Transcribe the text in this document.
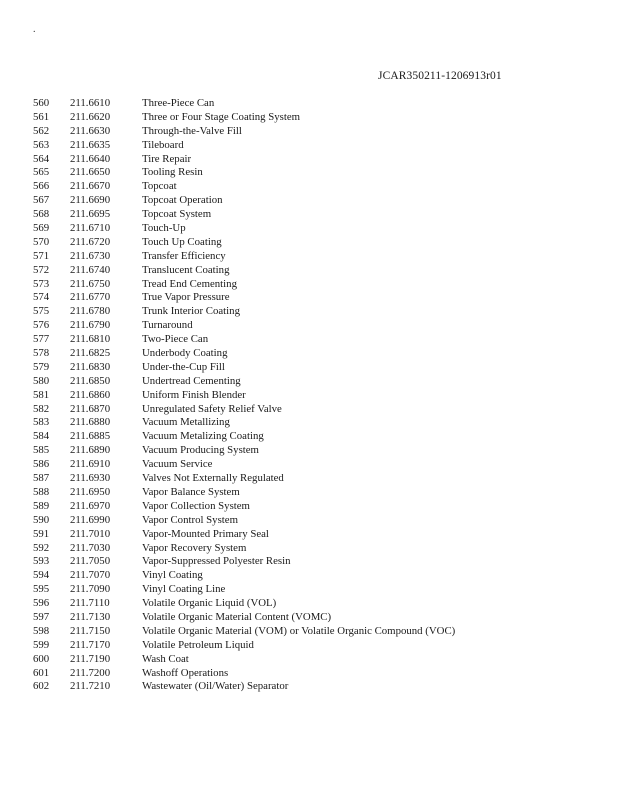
.
JCAR350211-1206913r01
560 211.6610	Three-Piece Can
561 211.6620	Three or Four Stage Coating System
562 211.6630	Through-the-Valve Fill
563 211.6635	Tileboard
564 211.6640	Tire Repair
565 211.6650	Tooling Resin
566 211.6670	Topcoat
567 211.6690	Topcoat Operation
568 211.6695	Topcoat System
569 211.6710	Touch-Up
570 211.6720	Touch Up Coating
571 211.6730	Transfer Efficiency
572 211.6740	Translucent Coating
573 211.6750	Tread End Cementing
574 211.6770	True Vapor Pressure
575 211.6780	Trunk Interior Coating
576 211.6790	Turnaround
577 211.6810	Two-Piece Can
578 211.6825	Underbody Coating
579 211.6830	Under-the-Cup Fill
580 211.6850	Undertread Cementing
581 211.6860	Uniform Finish Blender
582 211.6870	Unregulated Safety Relief Valve
583 211.6880	Vacuum Metallizing
584 211.6885	Vacuum Metalizing Coating
585 211.6890	Vacuum Producing System
586 211.6910	Vacuum Service
587 211.6930	Valves Not Externally Regulated
588 211.6950	Vapor Balance System
589 211.6970	Vapor Collection System
590 211.6990	Vapor Control System
591 211.7010	Vapor-Mounted Primary Seal
592 211.7030	Vapor Recovery System
593 211.7050	Vapor-Suppressed Polyester Resin
594 211.7070	Vinyl Coating
595 211.7090	Vinyl Coating Line
596 211.7110	Volatile Organic Liquid (VOL)
597 211.7130	Volatile Organic Material Content (VOMC)
598 211.7150	Volatile Organic Material (VOM) or Volatile Organic Compound (VOC)
599 211.7170	Volatile Petroleum Liquid
600 211.7190	Wash Coat
601 211.7200	Washoff Operations
602 211.7210	Wastewater (Oil/Water) Separator
